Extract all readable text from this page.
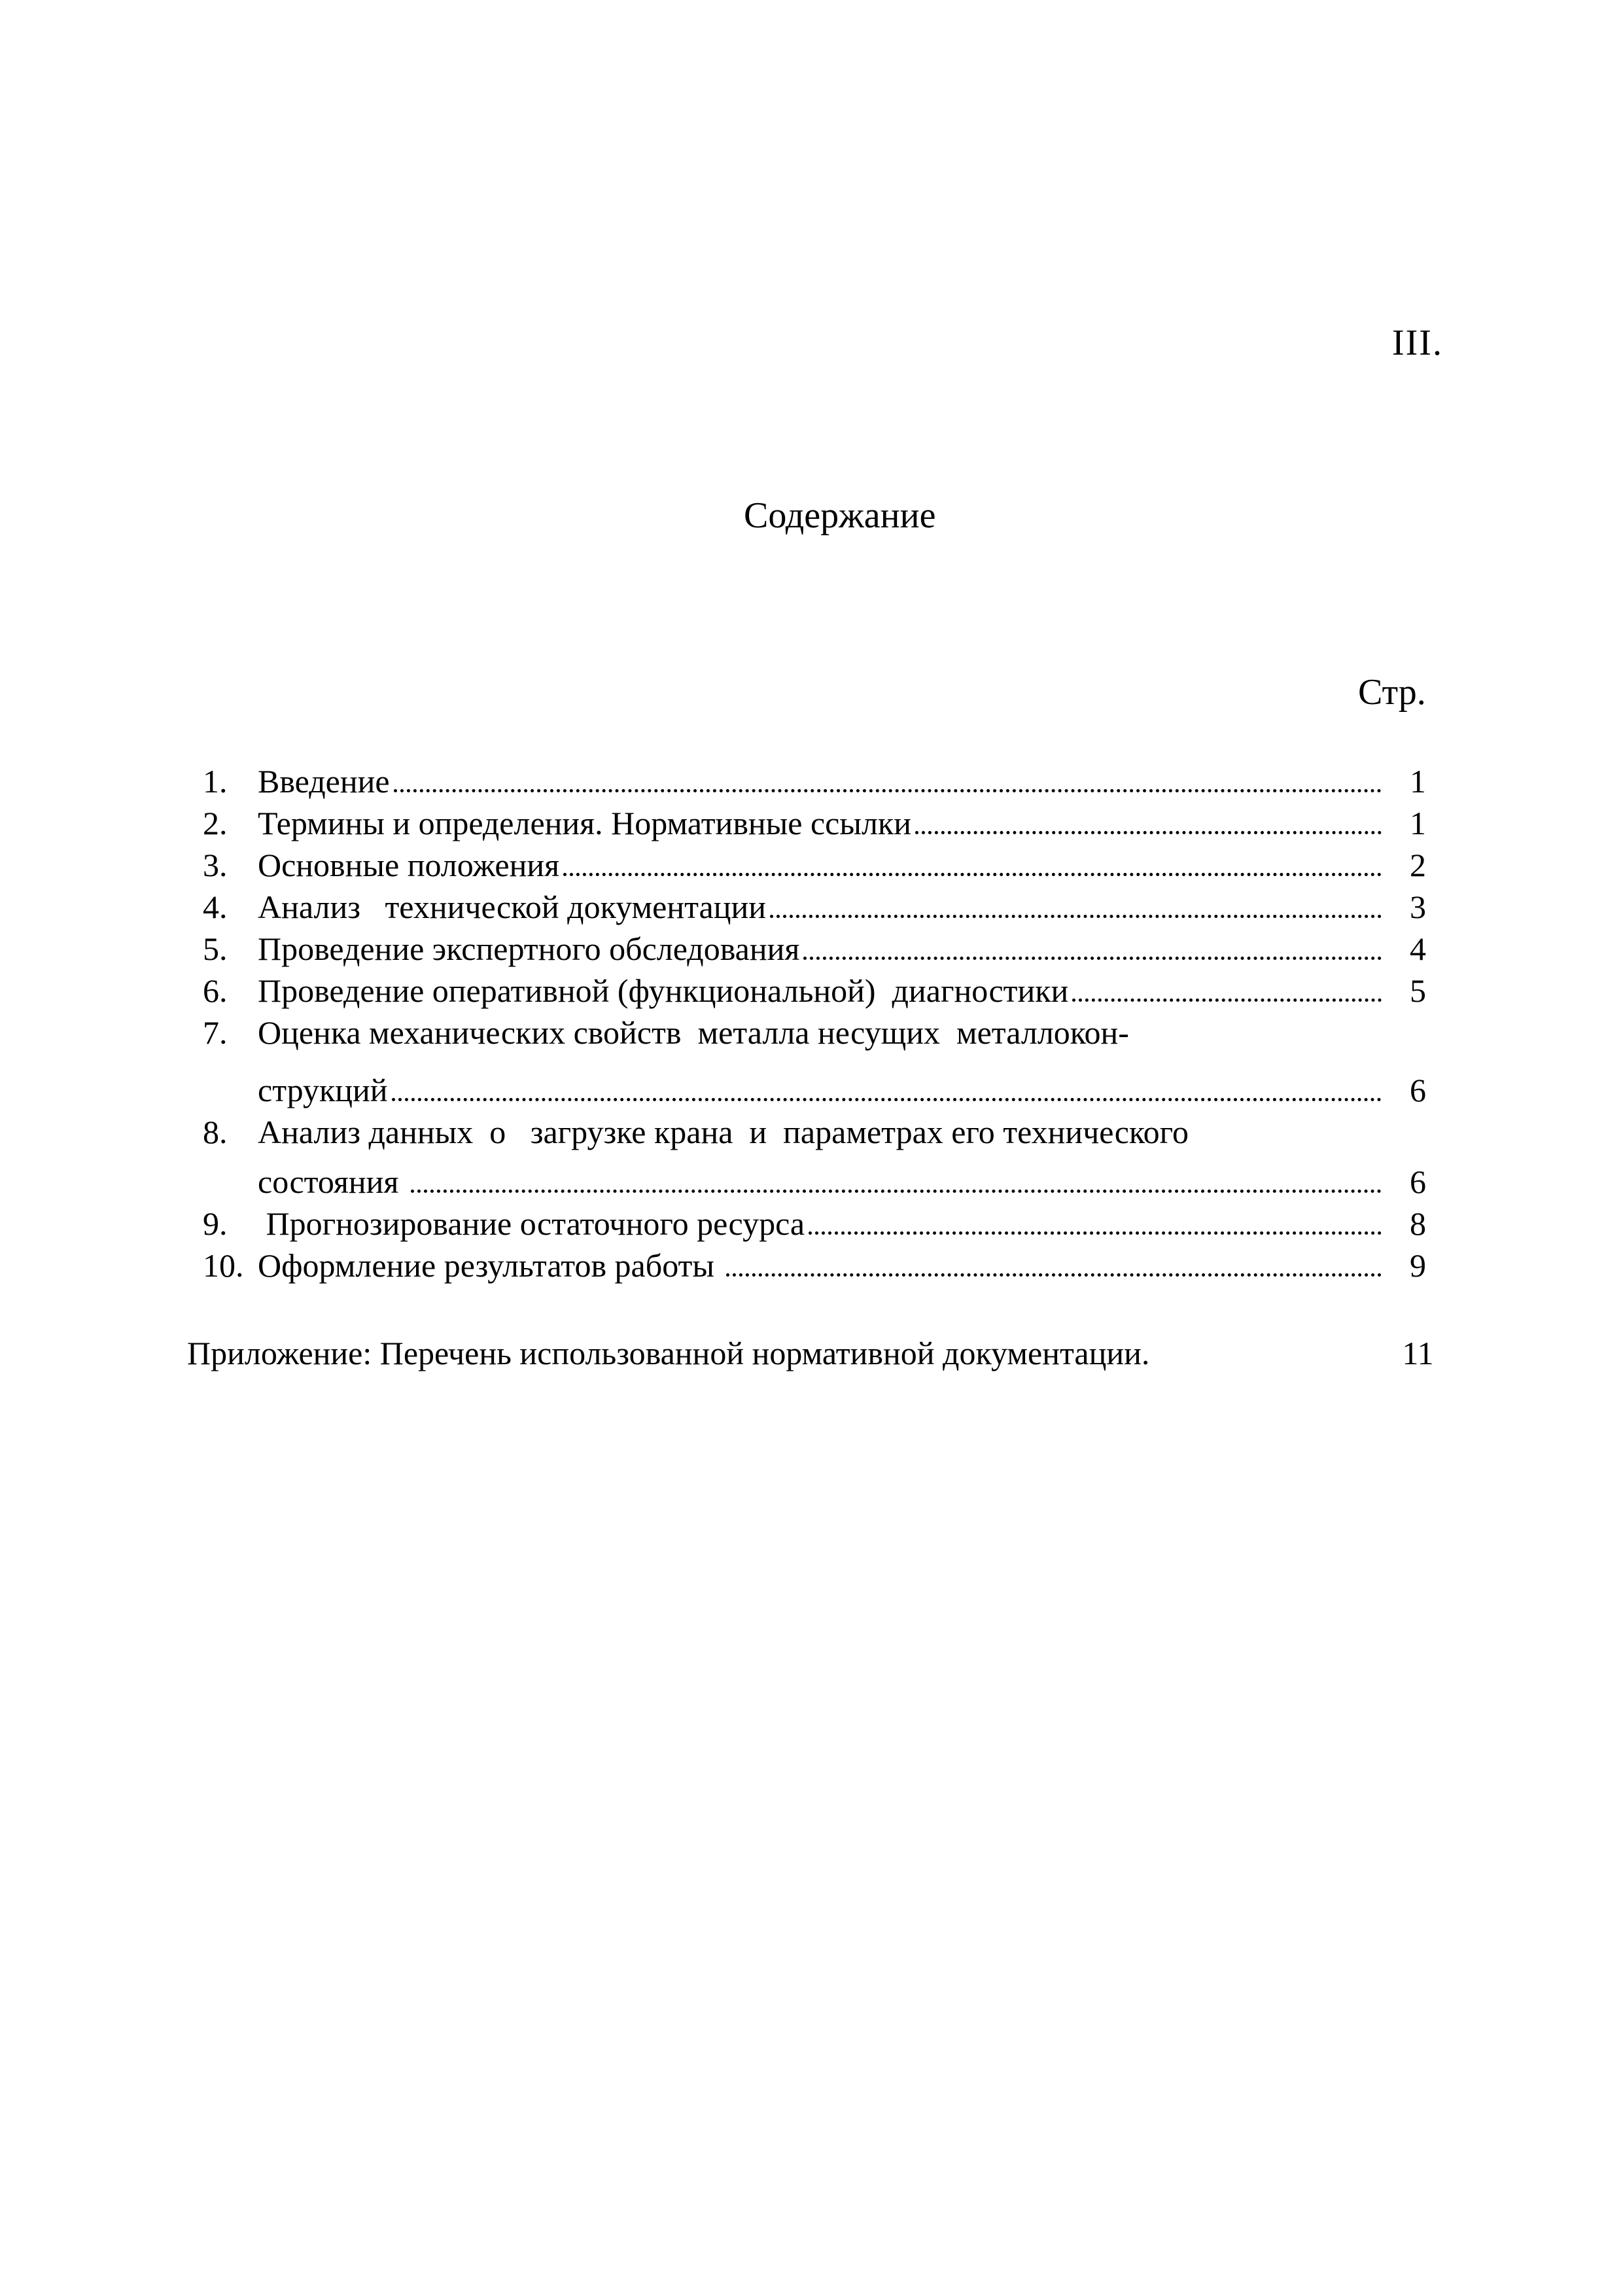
III.
Содержание
Стр.
1. Введение	1
2. Термины и определения. Нормативные ссылки	1
3. Основные положения	2
4. Анализ   технической документации	3
5. Проведение экспертного обследования	4
6. Проведение оперативной (функциональной)  диагностики	5
7. Оценка механических свойств  металла несущих  металлокон-
струкций	6
8. Анализ данных  о   загрузке крана  и  параметрах его технического
состояния	6
9. Прогнозирование остаточного ресурса	8
10. Оформление результатов работы	9
Приложение: Перечень использованной нормативной документации.	11
